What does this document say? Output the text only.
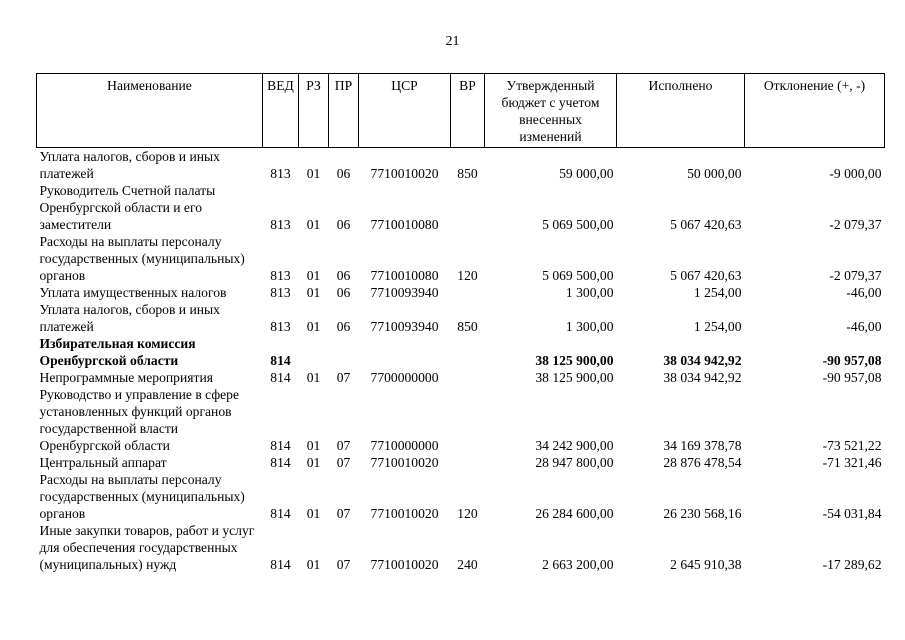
21
Наименование	ВЕД	РЗ	ПР	ЦСР	ВР	Утвержденный бюджет с учетом внесенных изменений	Исполнено	Отклонение (+, -)
Уплата налогов, сборов и иных платежей	813	01	06	7710010020	850	59 000,00	50 000,00	-9 000,00
Руководитель Счетной палаты Оренбургской области и его заместители	813	01	06	7710010080		5 069 500,00	5 067 420,63	-2 079,37
Расходы на выплаты персоналу государственных (муниципальных) органов	813	01	06	7710010080	120	5 069 500,00	5 067 420,63	-2 079,37
Уплата имущественных налогов	813	01	06	7710093940		1 300,00	1 254,00	-46,00
Уплата налогов, сборов и иных платежей	813	01	06	7710093940	850	1 300,00	1 254,00	-46,00
Избирательная комиссия Оренбургской области	814					38 125 900,00	38 034 942,92	-90 957,08
Непрограммные мероприятия	814	01	07	7700000000		38 125 900,00	38 034 942,92	-90 957,08
Руководство и управление в сфере установленных функций органов государственной власти Оренбургской области	814	01	07	7710000000		34 242 900,00	34 169 378,78	-73 521,22
Центральный аппарат	814	01	07	7710010020		28 947 800,00	28 876 478,54	-71 321,46
Расходы на выплаты персоналу государственных (муниципальных) органов	814	01	07	7710010020	120	26 284 600,00	26 230 568,16	-54 031,84
Иные закупки товаров, работ и услуг для обеспечения государственных (муниципальных) нужд	814	01	07	7710010020	240	2 663 200,00	2 645 910,38	-17 289,62
